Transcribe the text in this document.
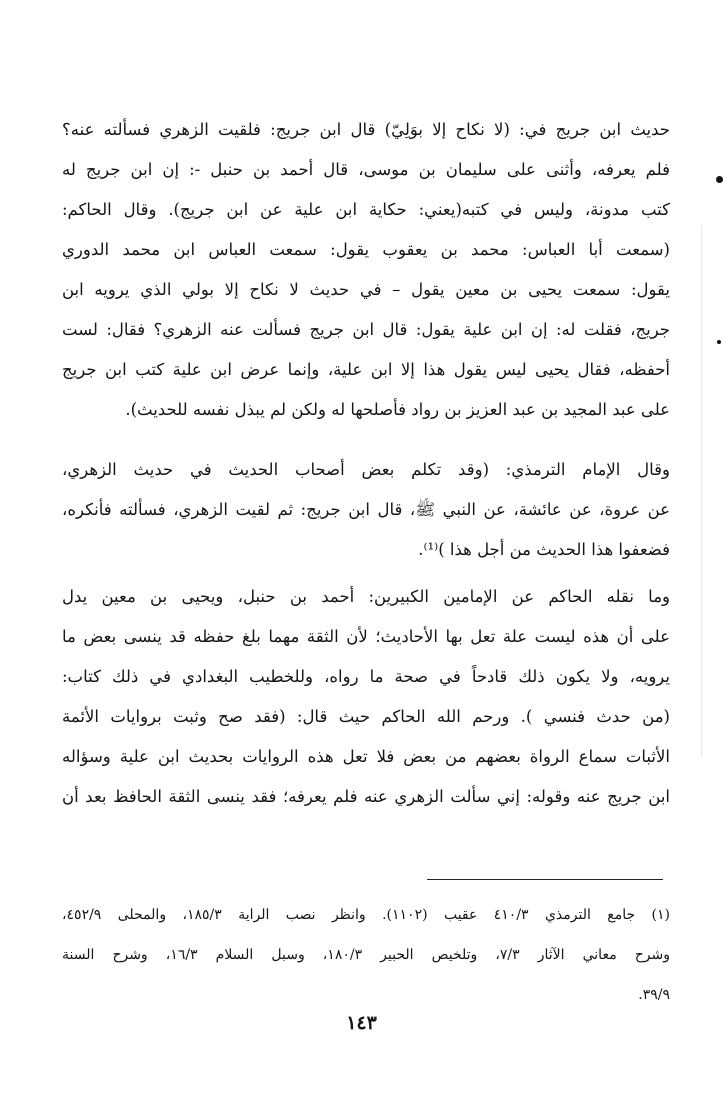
حديث ابن جريج في: (لا نكاح إلا بوَلِيّ) قال ابن جريج: فلقيت الزهري فسألته عنه؟
فلم يعرفه، وأثنى على سليمان بن موسى، قال أحمد بن حنبل -: إن ابن جريج له
كتب مدونة، وليس في كتبه(يعني: حكاية ابن علية عن ابن جريج). وقال الحاكم:
(سمعت أبا العباس: محمد بن يعقوب يقول: سمعت العباس ابن محمد الدوري
يقول: سمعت يحيى بن معين يقول – في حديث لا نكاح إلا بولي الذي يرويه ابن
جريج، فقلت له: إن ابن علية يقول: قال ابن جريج فسألت عنه الزهري؟ فقال: لست
أحفظه، فقال يحيى ليس يقول هذا إلا ابن علية، وإنما عرض ابن علية كتب ابن جريج
على عبد المجيد بن عبد العزيز بن رواد فأصلحها له ولكن لم يبذل نفسه للحديث).
وقال الإمام الترمذي: (وقد تكلم بعض أصحاب الحديث في حديث الزهري،
عن عروة، عن عائشة، عن النبي ﷺ، قال ابن جريج: ثم لقيت الزهري، فسألته فأنكره،
فضعفوا هذا الحديث من أجل هذا )⁽¹⁾.
وما نقله الحاكم عن الإمامين الكبيرين: أحمد بن حنبل، ويحيى بن معين يدل
على أن هذه ليست علة تعل بها الأحاديث؛ لأن الثقة مهما بلغ حفظه قد ينسى بعض ما
يرويه، ولا يكون ذلك قادحاً في صحة ما رواه، وللخطيب البغدادي في ذلك كتاب:
(من حدث فنسي ). ورحم الله الحاكم حيث قال: (فقد صح وثبت بروايات الأئمة
الأثبات سماع الرواة بعضهم من بعض فلا تعل هذه الروايات بحديث ابن علية وسؤاله
ابن جريج عنه وقوله: إني سألت الزهري عنه فلم يعرفه؛ فقد ينسى الثقة الحافظ بعد أن
(١) جامع الترمذي ٤١٠/٣ عقيب (١١٠٢). وانظر نصب الراية ١٨٥/٣، والمحلى ٤٥٢/٩،
وشرح معاني الآثار ٧/٣، وتلخيص الحبير ١٨٠/٣، وسبل السلام ١٦/٣، وشرح السنة
٣٩/٩.
١٤٣
